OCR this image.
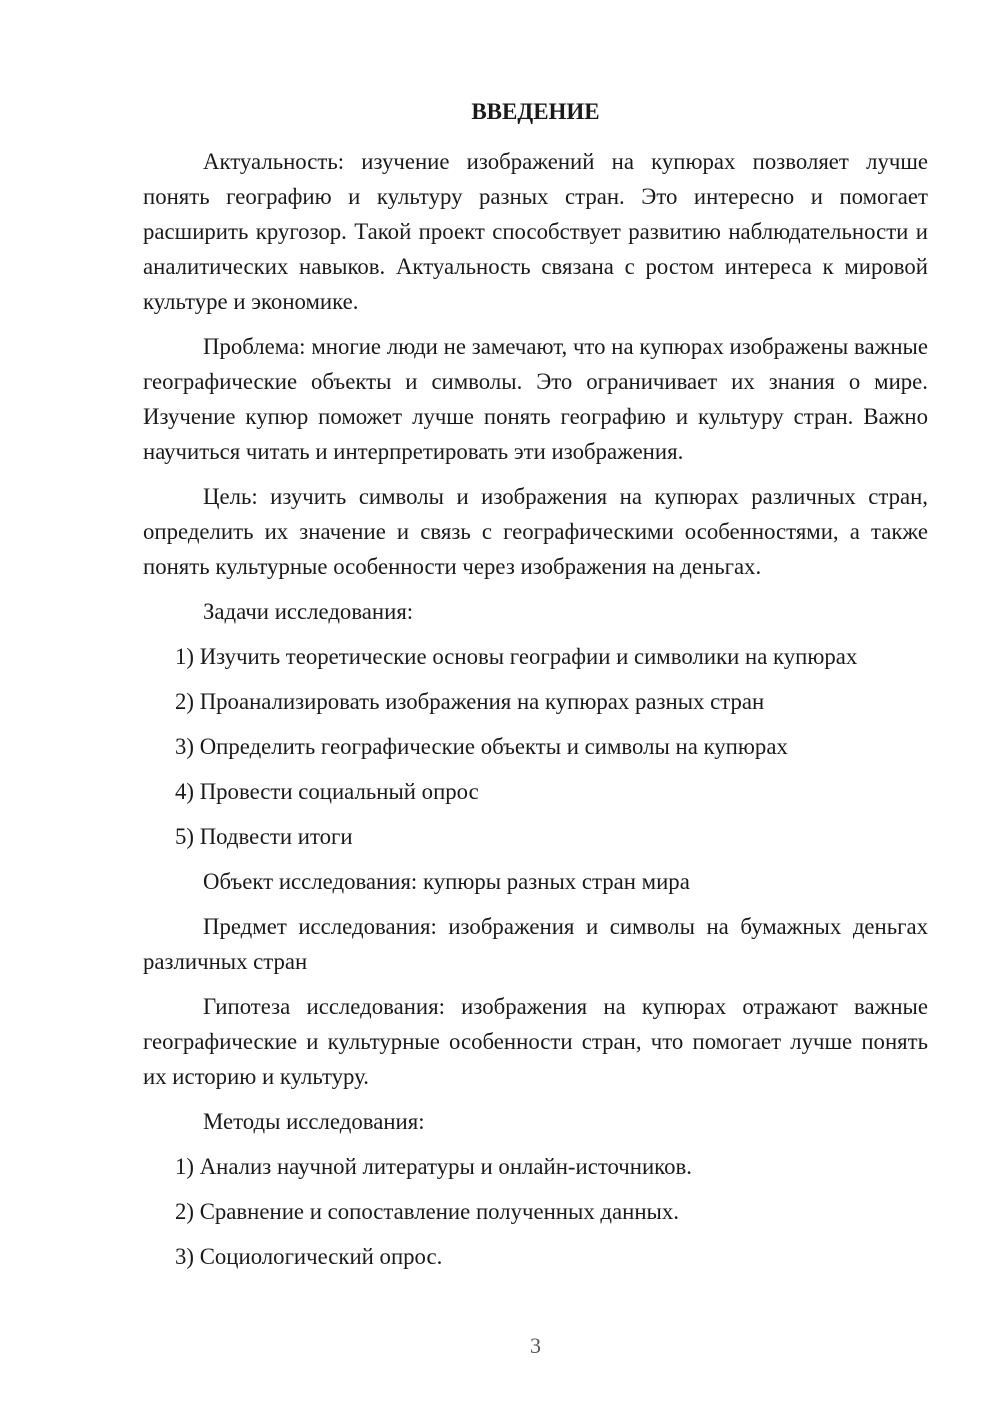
ВВЕДЕНИЕ

Актуальность: изучение изображений на купюрах позволяет лучше понять географию и культуру разных стран. Это интересно и помогает расширить кругозор. Такой проект способствует развитию наблюдательности и аналитических навыков. Актуальность связана с ростом интереса к мировой культуре и экономике.

Проблема: многие люди не замечают, что на купюрах изображены важные географические объекты и символы. Это ограничивает их знания о мире. Изучение купюр поможет лучше понять географию и культуру стран. Важно научиться читать и интерпретировать эти изображения.

Цель: изучить символы и изображения на купюрах различных стран, определить их значение и связь с географическими особенностями, а также понять культурные особенности через изображения на деньгах.

Задачи исследования:

1) Изучить теоретические основы географии и символики на купюрах

2) Проанализировать изображения на купюрах разных стран

3) Определить географические объекты и символы на купюрах

4) Провести социальный опрос

5) Подвести итоги

Объект исследования: купюры разных стран мира

Предмет исследования: изображения и символы на бумажных деньгах различных стран

Гипотеза исследования: изображения на купюрах отражают важные географические и культурные особенности стран, что помогает лучше понять их историю и культуру.

Методы исследования:

1) Анализ научной литературы и онлайн-источников.

2) Сравнение и сопоставление полученных данных.

3) Социологический опрос.

3
